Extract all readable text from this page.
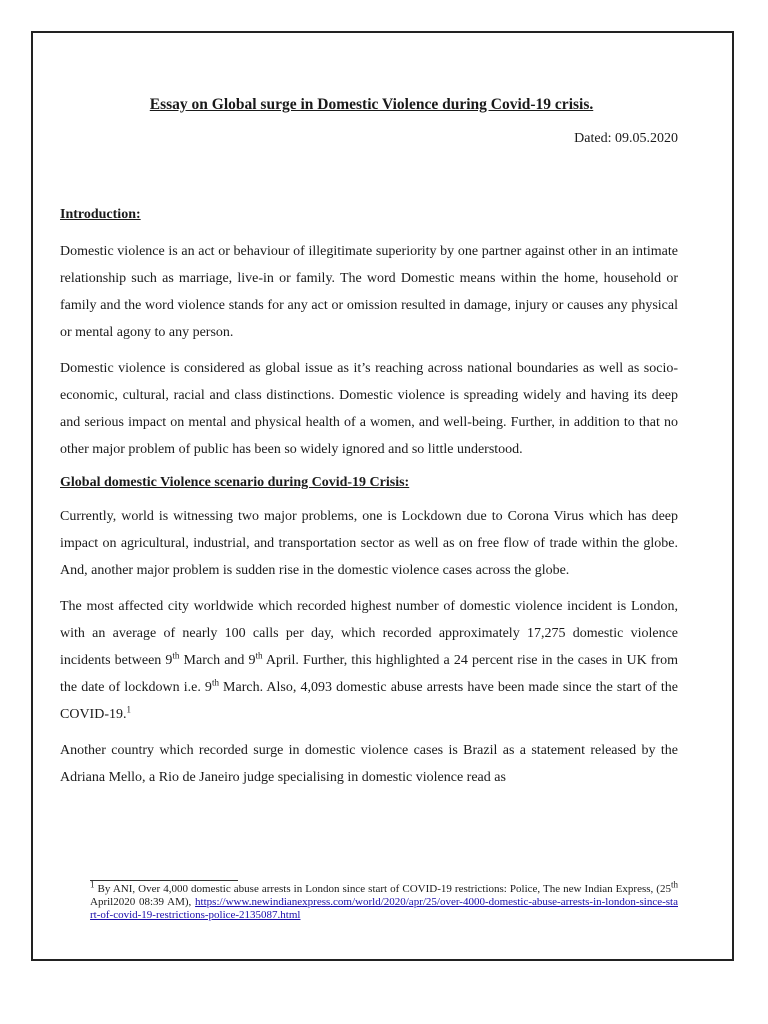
Essay on Global surge in Domestic Violence during Covid-19 crisis.
Dated: 09.05.2020
Introduction:

Domestic violence is an act or behaviour of illegitimate superiority by one partner against other in an intimate relationship such as marriage, live-in or family. The word Domestic means within the home, household or family and the word violence stands for any act or omission resulted in damage, injury or causes any physical or mental agony to any person.

Domestic violence is considered as global issue as it’s reaching across national boundaries as well as socio-economic, cultural, racial and class distinctions. Domestic violence is spreading widely and having its deep and serious impact on mental and physical health of a women, and well-being. Further, in addition to that no other major problem of public has been so widely ignored and so little understood.

Global domestic Violence scenario during Covid-19 Crisis:

Currently, world is witnessing two major problems, one is Lockdown due to Corona Virus which has deep impact on agricultural, industrial, and transportation sector as well as on free flow of trade within the globe. And, another major problem is sudden rise in the domestic violence cases across the globe.

The most affected city worldwide which recorded highest number of domestic violence incident is London, with an average of nearly 100 calls per day, which recorded approximately 17,275 domestic violence incidents between 9th March and 9th April. Further, this highlighted a 24 percent rise in the cases in UK from the date of lockdown i.e. 9th March. Also, 4,093 domestic abuse arrests have been made since the start of the COVID-19.$^1$

Another country which recorded surge in domestic violence cases is Brazil as a statement released by the Adriana Mello, a Rio de Janeiro judge specialising in domestic violence read as

$^1$ By ANI, Over 4,000 domestic abuse arrests in London since start of COVID-19 restrictions: Police, The new Indian Express, (25th April2020 08:39 AM), https://www.newindianexpress.com/world/2020/apr/25/over-4000-domestic-abuse-arrests-in-london-since-start-of-covid-19-restrictions-police-2135087.html
